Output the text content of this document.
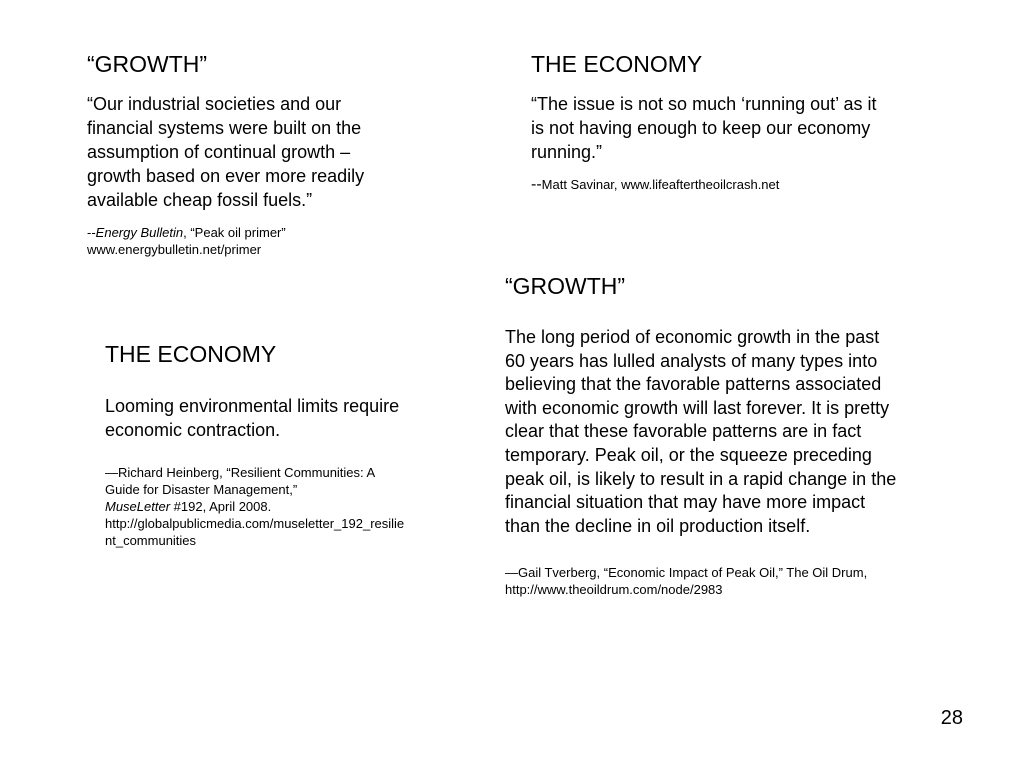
“GROWTH”

“Our industrial societies and our financial systems were built on the assumption of continual growth – growth based on ever more readily available cheap fossil fuels.”

--Energy Bulletin, “Peak oil primer”
www.energybulletin.net/primer

THE ECONOMY

“The issue is not so much ‘running out’ as it is not having enough to keep our economy running.”

--Matt Savinar, www.lifeaftertheoilcrash.net

THE ECONOMY

Looming environmental limits require economic contraction.

—Richard Heinberg, “Resilient Communities: A Guide for Disaster Management,”
MuseLetter #192, April 2008.
http://globalpublicmedia.com/museletter_192_resilient_communities

“GROWTH”

The long period of economic growth in the past 60 years has lulled analysts of many types into believing that the favorable patterns associated with economic growth will last forever. It is pretty clear that these favorable patterns are in fact temporary. Peak oil, or the squeeze preceding peak oil, is likely to result in a rapid change in the financial situation that may have more impact than the decline in oil production itself.

—Gail Tverberg, “Economic Impact of Peak Oil,” The Oil Drum, http://www.theoildrum.com/node/2983

28
